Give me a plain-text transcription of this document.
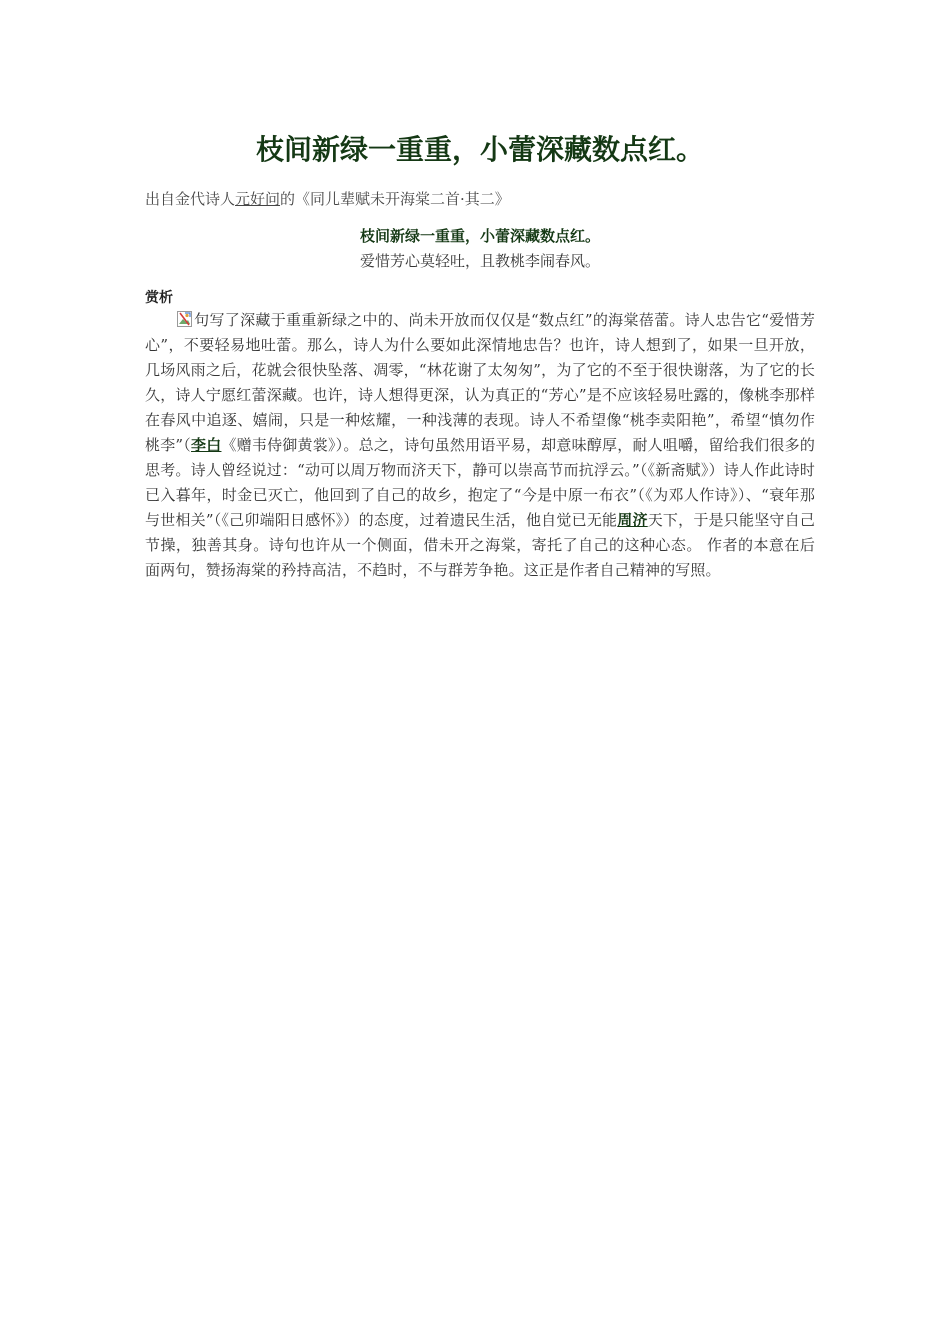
枝间新绿一重重，小蕾深藏数点红。
出自金代诗人元好问的《同儿辈赋未开海棠二首·其二》
枝间新绿一重重，小蕾深藏数点红。
爱惜芳心莫轻吐，且教桃李闹春风。
赏析

句写了深藏于重重新绿之中的、尚未开放而仅仅是“数点红”的海棠蓓蕾。诗人忠告它“爱惜芳心”，不要轻易地吐蕾。那么，诗人为什么要如此深情地忠告？也许，诗人想到了，如果一旦开放，几场风雨之后，花就会很快坠落、凋零，“林花谢了太匆匆”，为了它的不至于很快谢落，为了它的长久，诗人宁愿红蕾深藏。也许，诗人想得更深，认为真正的“芳心”是不应该轻易吐露的，像桃李那样在春风中追逐、嬉闹，只是一种炫耀，一种浅薄的表现。诗人不希望像“桃李卖阳艳”，希望“慎勿作桃李”（李白《赠韦侍御黄裳》）。总之，诗句虽然用语平易，却意味醇厚，耐人咀嚼，留给我们很多的思考。诗人曾经说过：“动可以周万物而济天下，静可以崇高节而抗浮云。”（《新斋赋》）诗人作此诗时已入暮年，时金已灭亡，他回到了自己的故乡，抱定了“今是中原一布衣”（《为邓人作诗》）、“衰年那与世相关”（《己卯端阳日感怀》）的态度，过着遗民生活，他自觉已无能周济天下，于是只能坚守自己节操，独善其身。诗句也许从一个侧面，借未开之海棠，寄托了自己的这种心态。 作者的本意在后面两句，赞扬海棠的矜持高洁，不趋时，不与群芳争艳。这正是作者自己精神的写照。
